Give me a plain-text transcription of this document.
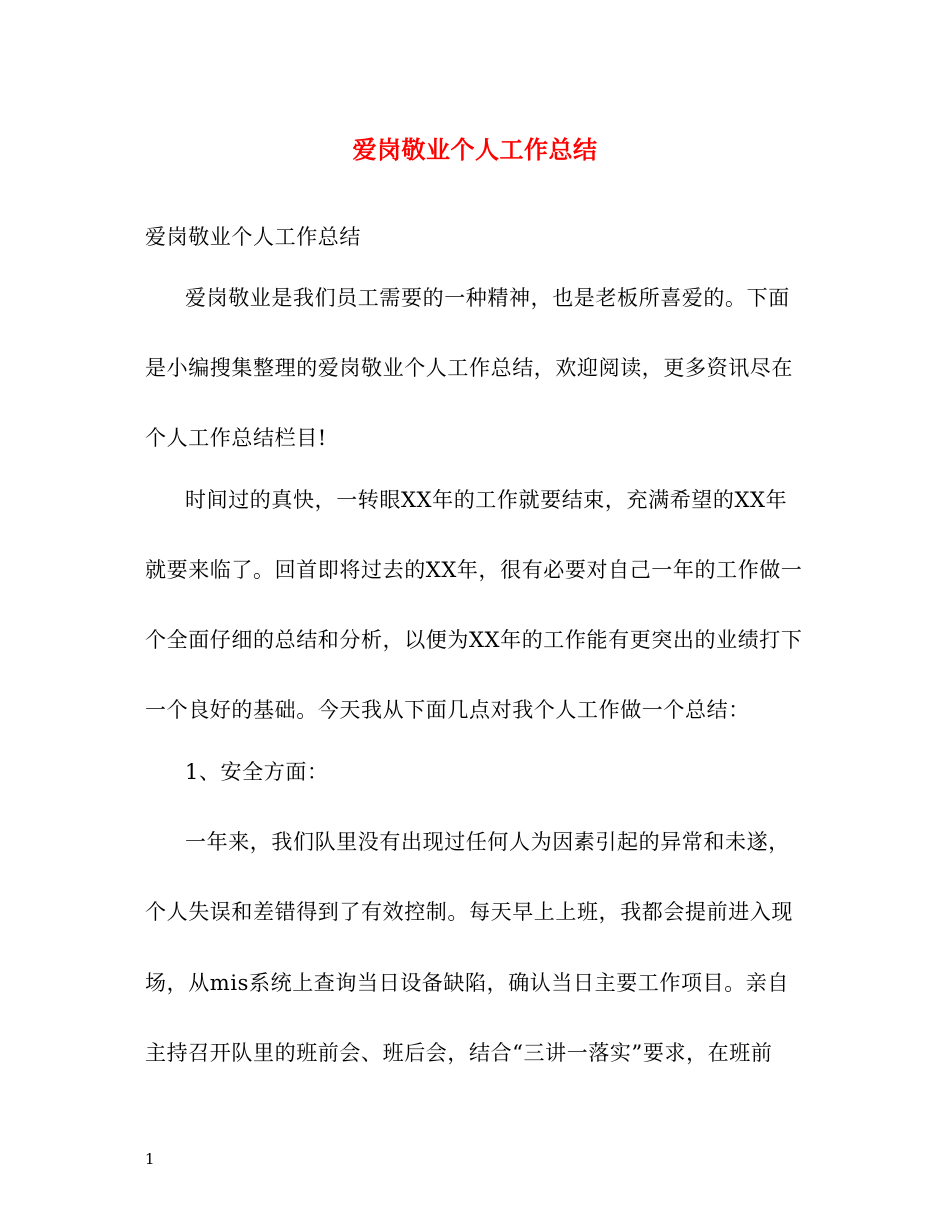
爱岗敬业个人工作总结
爱岗敬业个人工作总结
爱岗敬业是我们员工需要的一种精神，也是老板所喜爱的。下面
是小编搜集整理的爱岗敬业个人工作总结，欢迎阅读，更多资讯尽在
个人工作总结栏目!
时间过的真快，一转眼XX年的工作就要结束，充满希望的XX年
就要来临了。回首即将过去的XX年，很有必要对自己一年的工作做一
个全面仔细的总结和分析，以便为XX年的工作能有更突出的业绩打下
一个良好的基础。今天我从下面几点对我个人工作做一个总结：
1、安全方面：
一年来，我们队里没有出现过任何人为因素引起的异常和未遂，
个人失误和差错得到了有效控制。每天早上上班，我都会提前进入现
场，从mis系统上查询当日设备缺陷，确认当日主要工作项目。亲自
主持召开队里的班前会、班后会，结合“三讲一落实”要求，在班前
1
